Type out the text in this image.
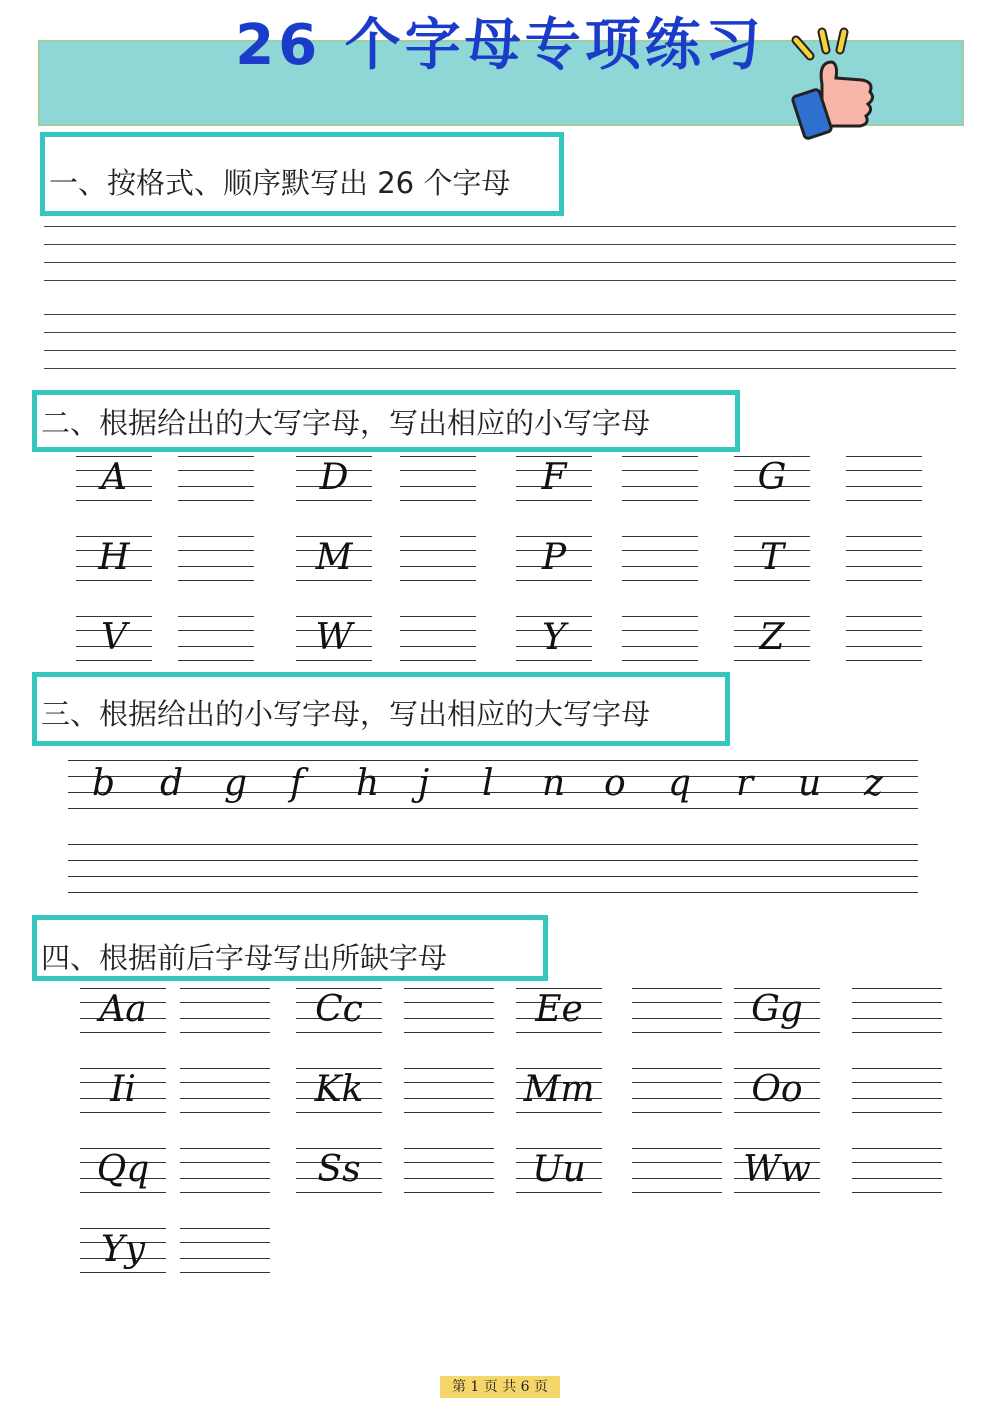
26 个字母专项练习
一、按格式、顺序默写出 26 个字母
二、根据给出的大写字母，写出相应的小写字母
A	D	F	G
H	M	P	T
V	W	Y	Z
三、根据给出的小写字母，写出相应的大写字母
b d g f h j l n o q r u z
四、根据前后字母写出所缺字母
Aa	Cc	Ee	Gg
Ii	Kk	Mm	Oo
Qq	Ss	Uu	Ww
Yy
第 1 页 共 6 页
